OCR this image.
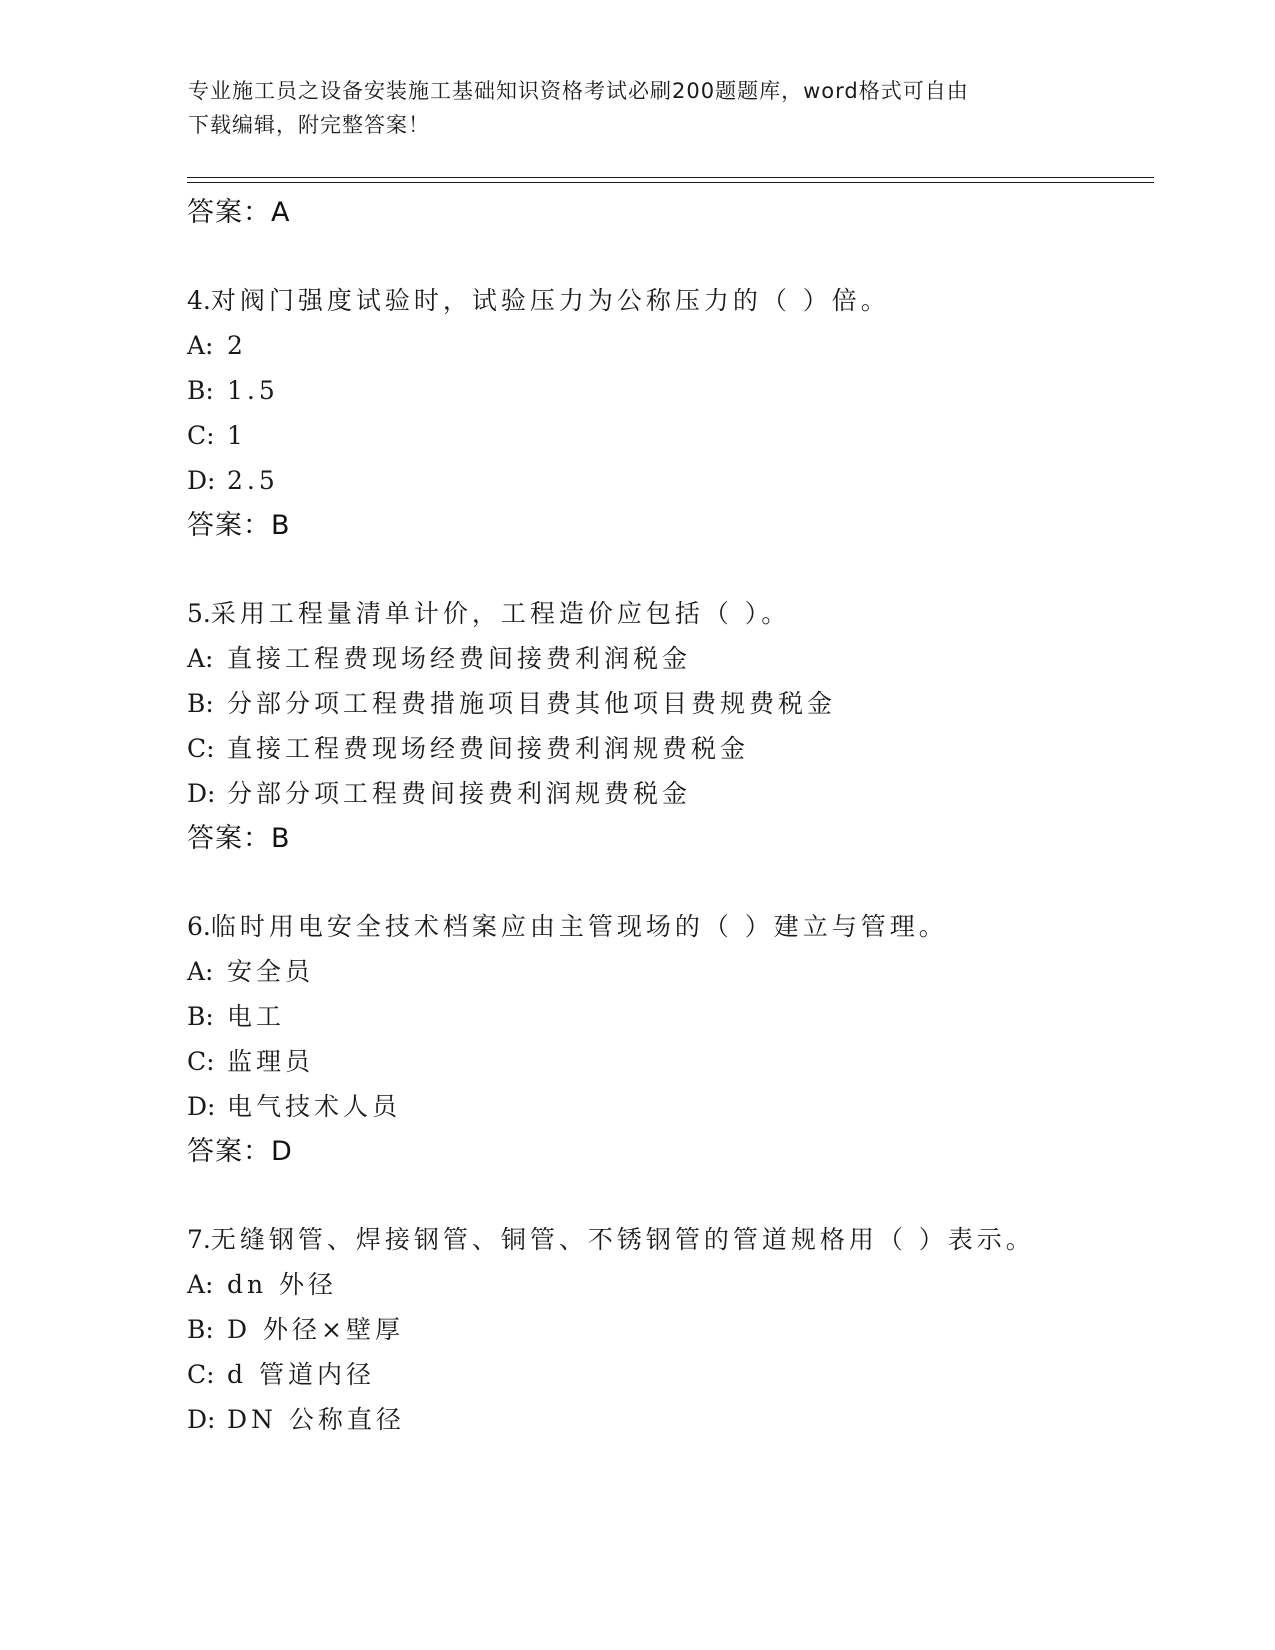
专业施工员之设备安装施工基础知识资格考试必刷200题题库，word格式可自由
下载编辑，附完整答案！
答案：A
4.对阀门强度试验时，试验压力为公称压力的（ ）倍。
A: 2
B: 1.5
C: 1
D: 2.5
答案：B
5.采用工程量清单计价，工程造价应包括（ ）。
A: 直接工程费现场经费间接费利润税金
B: 分部分项工程费措施项目费其他项目费规费税金
C: 直接工程费现场经费间接费利润规费税金
D: 分部分项工程费间接费利润规费税金
答案：B
6.临时用电安全技术档案应由主管现场的（ ）建立与管理。
A: 安全员
B: 电工
C: 监理员
D: 电气技术人员
答案：D
7.无缝钢管、焊接钢管、铜管、不锈钢管的管道规格用（ ）表示。
A: dn 外径
B: D 外径×壁厚
C: d 管道内径
D: DN 公称直径
